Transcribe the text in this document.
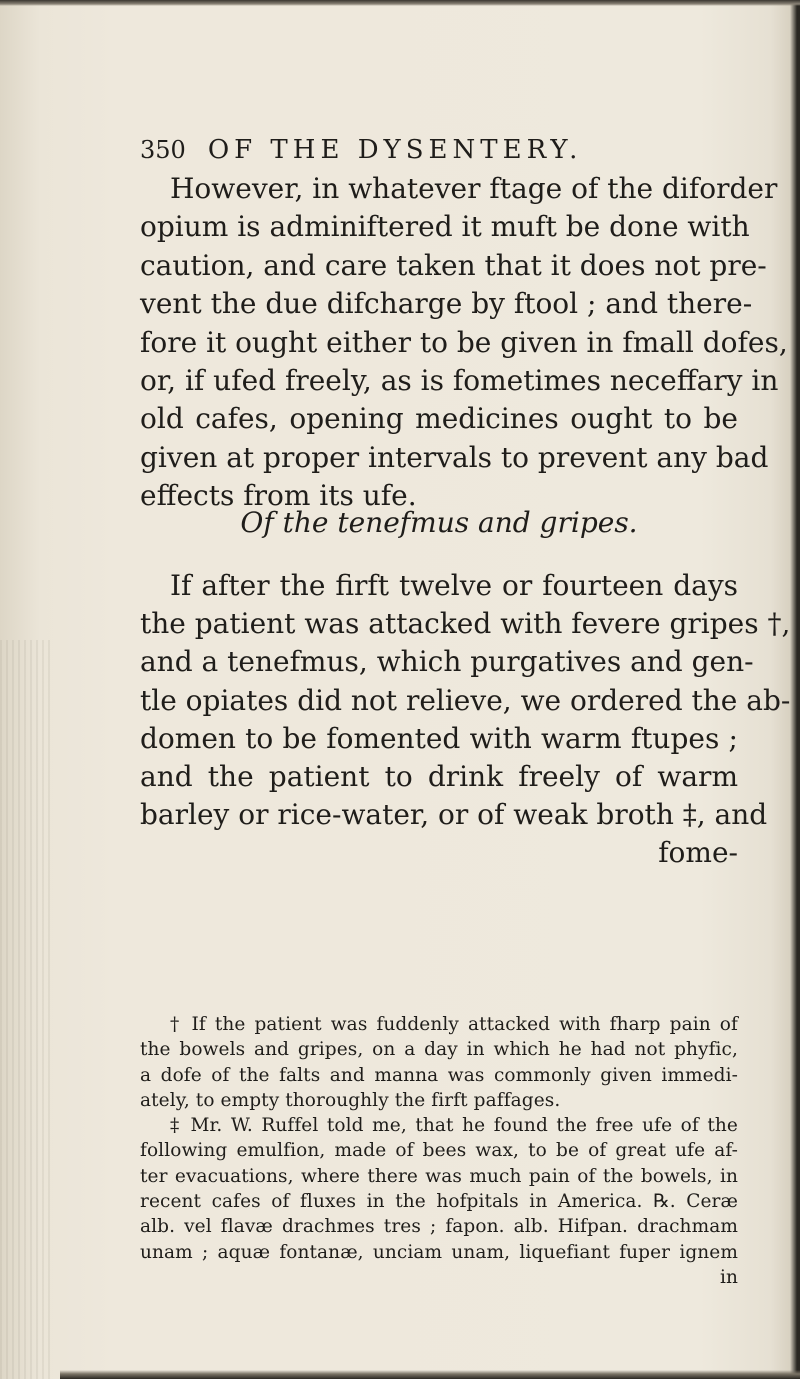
350 OF THE DYSENTERY.
However, in whatever ftage of the diforder
opium is adminiftered it muft be done with
caution, and care taken that it does not pre-
vent the due difcharge by ftool ; and there-
fore it ought either to be given in fmall dofes,
or, if ufed freely, as is fometimes neceffary in
old cafes, opening medicines ought to be
given at proper intervals to prevent any bad
effects from its ufe.
Of the tenefmus and gripes.
If after the firft twelve or fourteen days
the patient was attacked with fevere gripes †,
and a tenefmus, which purgatives and gen-
tle opiates did not relieve, we ordered the ab-
domen to be fomented with warm ftupes ;
and the patient to drink freely of warm
barley or rice-water, or of weak broth ‡, and
fome-
† If the patient was fuddenly attacked with fharp pain of
the bowels and gripes, on a day in which he had not phyfic,
a dofe of the falts and manna was commonly given immedi-
ately, to empty thoroughly the firft paffages.
‡ Mr. W. Ruffel told me, that he found the free ufe of the
following emulfion, made of bees wax, to be of great ufe af-
ter evacuations, where there was much pain of the bowels, in
recent cafes of fluxes in the hofpitals in America. ℞. Ceræ
alb. vel flavæ drachmes tres ; fapon. alb. Hifpan. drachmam
unam ; aquæ fontanæ, unciam unam, liquefiant fuper ignem
in
